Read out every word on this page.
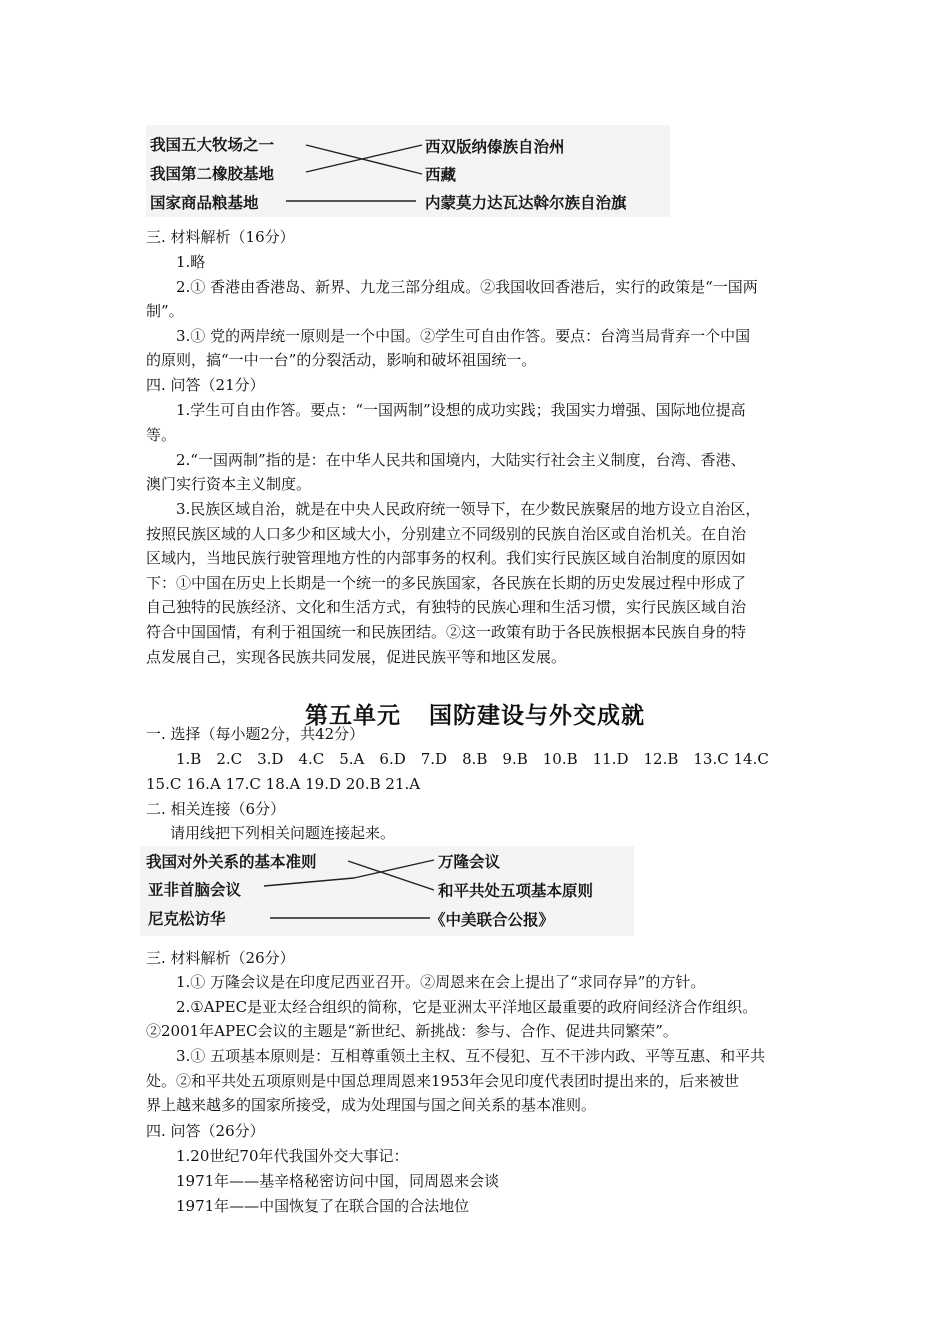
我国五大牧场之一
我国第二橡胶基地
国家商品粮基地
西双版纳傣族自治州
西藏
内蒙莫力达瓦达斡尔族自治旗
三. 材料解析（16分）
1.略
2.① 香港由香港岛、新界、九龙三部分组成。②我国收回香港后，实行的政策是“一国两
制”。
3.① 党的两岸统一原则是一个中国。②学生可自由作答。要点：台湾当局背弃一个中国
的原则，搞“一中一台”的分裂活动，影响和破坏祖国统一。
四. 问答（21分）
1.学生可自由作答。要点：“一国两制”设想的成功实践；我国实力增强、国际地位提高
等。
2.“一国两制”指的是：在中华人民共和国境内，大陆实行社会主义制度，台湾、香港、
澳门实行资本主义制度。
3.民族区域自治，就是在中央人民政府统一领导下，在少数民族聚居的地方设立自治区，
按照民族区域的人口多少和区域大小，分别建立不同级别的民族自治区或自治机关。在自治
区域内，当地民族行驶管理地方性的内部事务的权利。我们实行民族区域自治制度的原因如
下：①中国在历史上长期是一个统一的多民族国家，各民族在长期的历史发展过程中形成了
自己独特的民族经济、文化和生活方式，有独特的民族心理和生活习惯，实行民族区域自治
符合中国国情，有利于祖国统一和民族团结。②这一政策有助于各民族根据本民族自身的特
点发展自己，实现各民族共同发展，促进民族平等和地区发展。
第五单元 国防建设与外交成就
一. 选择（每小题2分，共42分）
1.B　2.C　3.D　4.C　5.A　6.D　7.D　8.B　9.B　10.B　11.D　12.B　13.C 14.C
15.C 16.A 17.C 18.A 19.D 20.B 21.A
二. 相关连接（6分）
请用线把下列相关问题连接起来。
我国对外关系的基本准则
亚非首脑会议
尼克松访华
万隆会议
和平共处五项基本原则
《中美联合公报》
三. 材料解析（26分）
1.① 万隆会议是在印度尼西亚召开。②周恩来在会上提出了“求同存异”的方针。
2.①APEC是亚太经合组织的简称，它是亚洲太平洋地区最重要的政府间经济合作组织。
②2001年APEC会议的主题是“新世纪、新挑战：参与、合作、促进共同繁荣”。
3.① 五项基本原则是：互相尊重领土主权、互不侵犯、互不干涉内政、平等互惠、和平共
处。②和平共处五项原则是中国总理周恩来1953年会见印度代表团时提出来的，后来被世
界上越来越多的国家所接受，成为处理国与国之间关系的基本准则。
四. 问答（26分）
1.20世纪70年代我国外交大事记：
1971年——基辛格秘密访问中国，同周恩来会谈
1971年——中国恢复了在联合国的合法地位
